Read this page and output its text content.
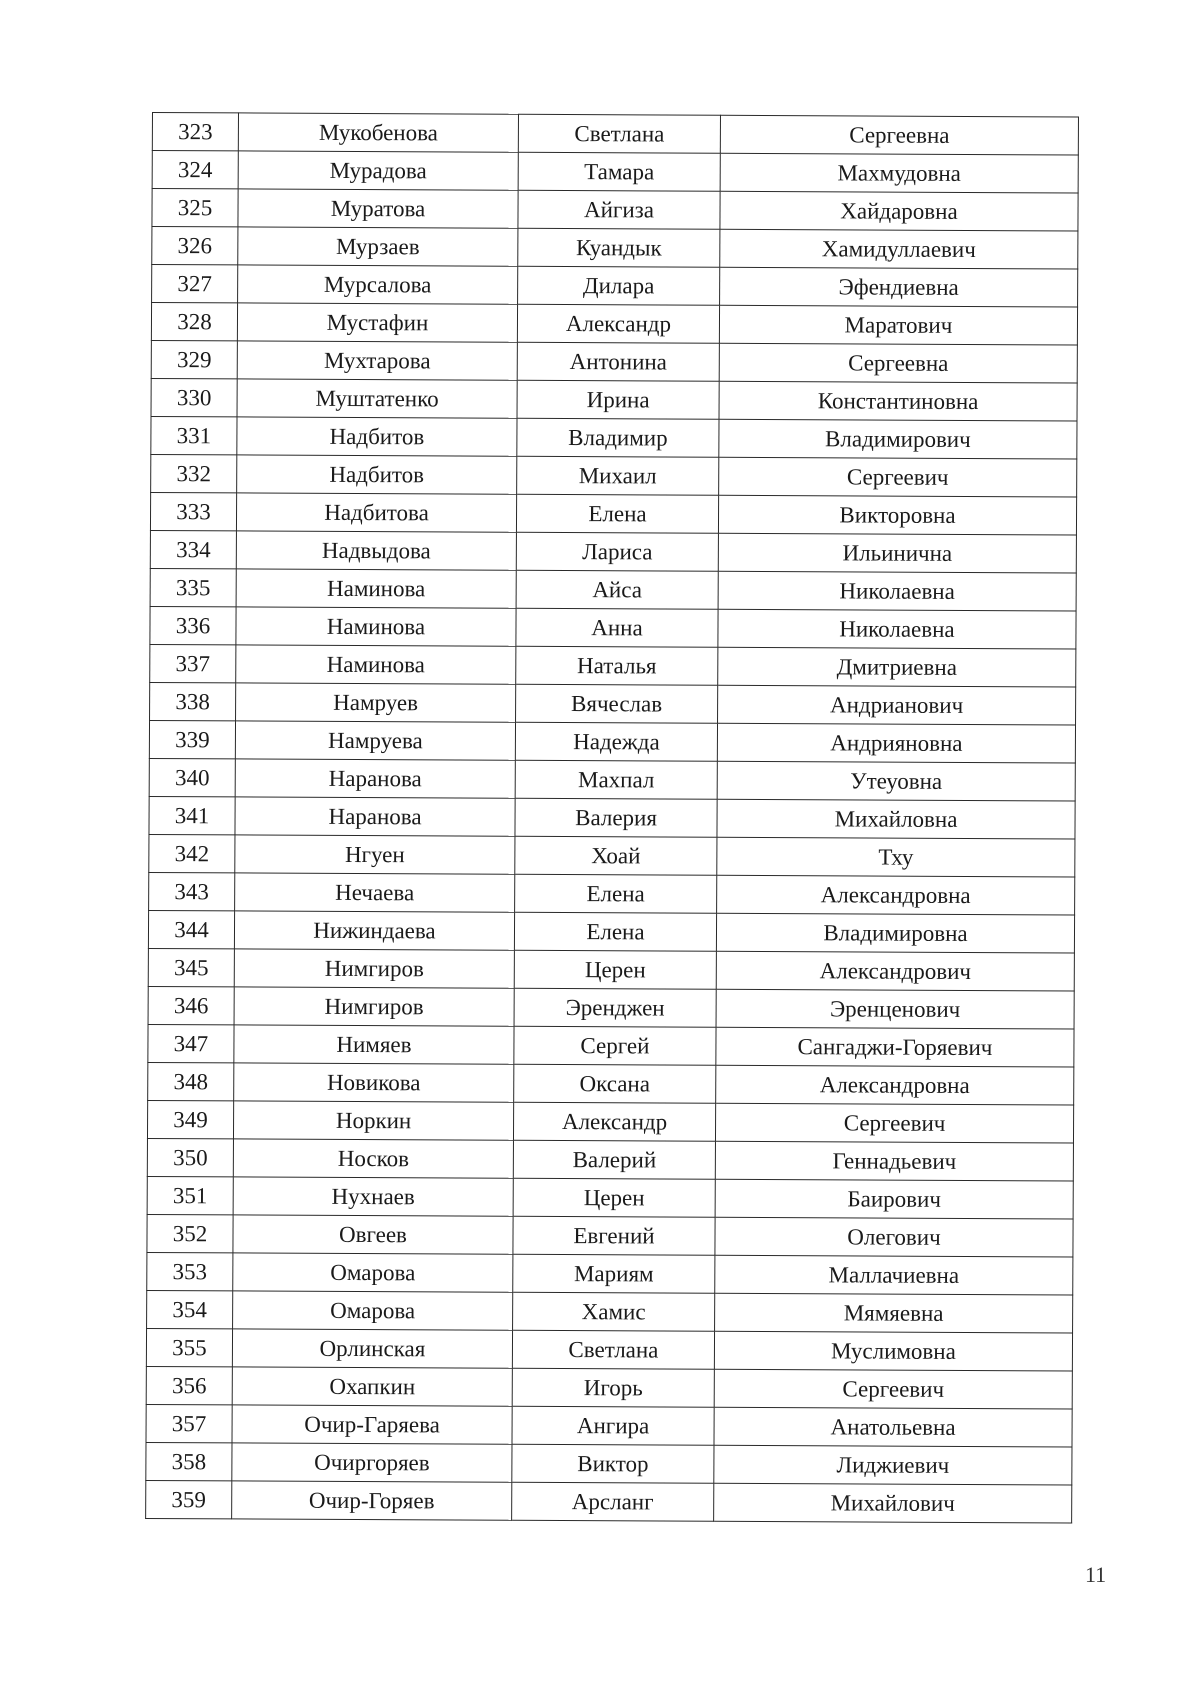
323	Мукобенова	Светлана	Сергеевна
324	Мурадова	Тамара	Махмудовна
325	Муратова	Айгиза	Хайдаровна
326	Мурзаев	Куандык	Хамидуллаевич
327	Мурсалова	Дилара	Эфендиевна
328	Мустафин	Александр	Маратович
329	Мухтарова	Антонина	Сергеевна
330	Муштатенко	Ирина	Константиновна
331	Надбитов	Владимир	Владимирович
332	Надбитов	Михаил	Сергеевич
333	Надбитова	Елена	Викторовна
334	Надвыдова	Лариса	Ильинична
335	Наминова	Айса	Николаевна
336	Наминова	Анна	Николаевна
337	Наминова	Наталья	Дмитриевна
338	Намруев	Вячеслав	Андрианович
339	Намруева	Надежда	Андрияновна
340	Наранова	Махпал	Утеуовна
341	Наранова	Валерия	Михайловна
342	Нгуен	Хоай	Тху
343	Нечаева	Елена	Александровна
344	Нижиндаева	Елена	Владимировна
345	Нимгиров	Церен	Александрович
346	Нимгиров	Эренджен	Эренценович
347	Нимяев	Сергей	Сангаджи-Горяевич
348	Новикова	Оксана	Александровна
349	Норкин	Александр	Сергеевич
350	Носков	Валерий	Геннадьевич
351	Нухнаев	Церен	Баирович
352	Овгеев	Евгений	Олегович
353	Омарова	Мариям	Маллачиевна
354	Омарова	Хамис	Мямяевна
355	Орлинская	Светлана	Муслимовна
356	Охапкин	Игорь	Сергеевич
357	Очир-Гаряева	Ангира	Анатольевна
358	Очиргоряев	Виктор	Лиджиевич
359	Очир-Горяев	Арсланг	Михайлович
11
